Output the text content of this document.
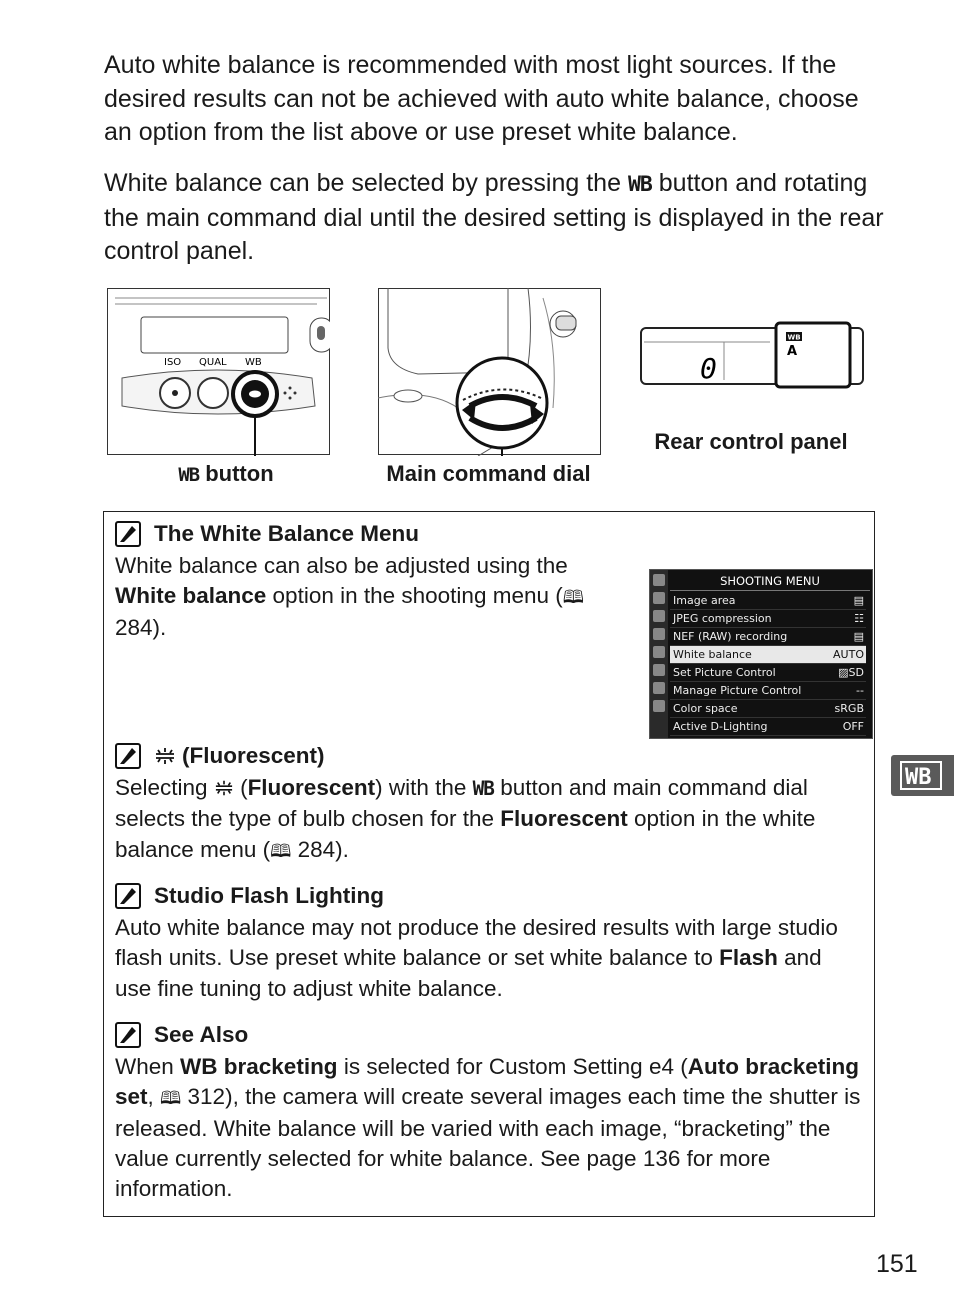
Auto white balance is recommended with most light sources. If the desired results can not be achieved with auto white balance, choose an option from the list above or use preset white balance.

White balance can be selected by pressing the WB button and rotating the main command dial until the desired setting is displayed in the rear control panel.

ISO QUAL WB
WB button	Main command dial
0
WB
A
Rear control panel
The White Balance Menu

White balance can also be adjusted using the White balance option in the shooting menu (🕮 284).

SHOOTING MENU
Image area	▤
JPEG compression	☷
NEF (RAW) recording	▤
White balance	AUTO
Set Picture Control	▨SD
Manage Picture Control	--
Color space	sRGB
Active D-Lighting	OFF
(Fluorescent)

Selecting  (Fluorescent) with the WB button and main command dial selects the type of bulb chosen for the Fluorescent option in the white balance menu (🕮 284).

Studio Flash Lighting

Auto white balance may not produce the desired results with large studio flash units. Use preset white balance or set white balance to Flash and use fine tuning to adjust white balance.

See Also

When WB bracketing is selected for Custom Setting e4 (Auto bracketing set, 🕮 312), the camera will create several images each time the shutter is released. White balance will be varied with each image, “bracketing” the value currently selected for white balance. See page 136 for more information.

WB
151
